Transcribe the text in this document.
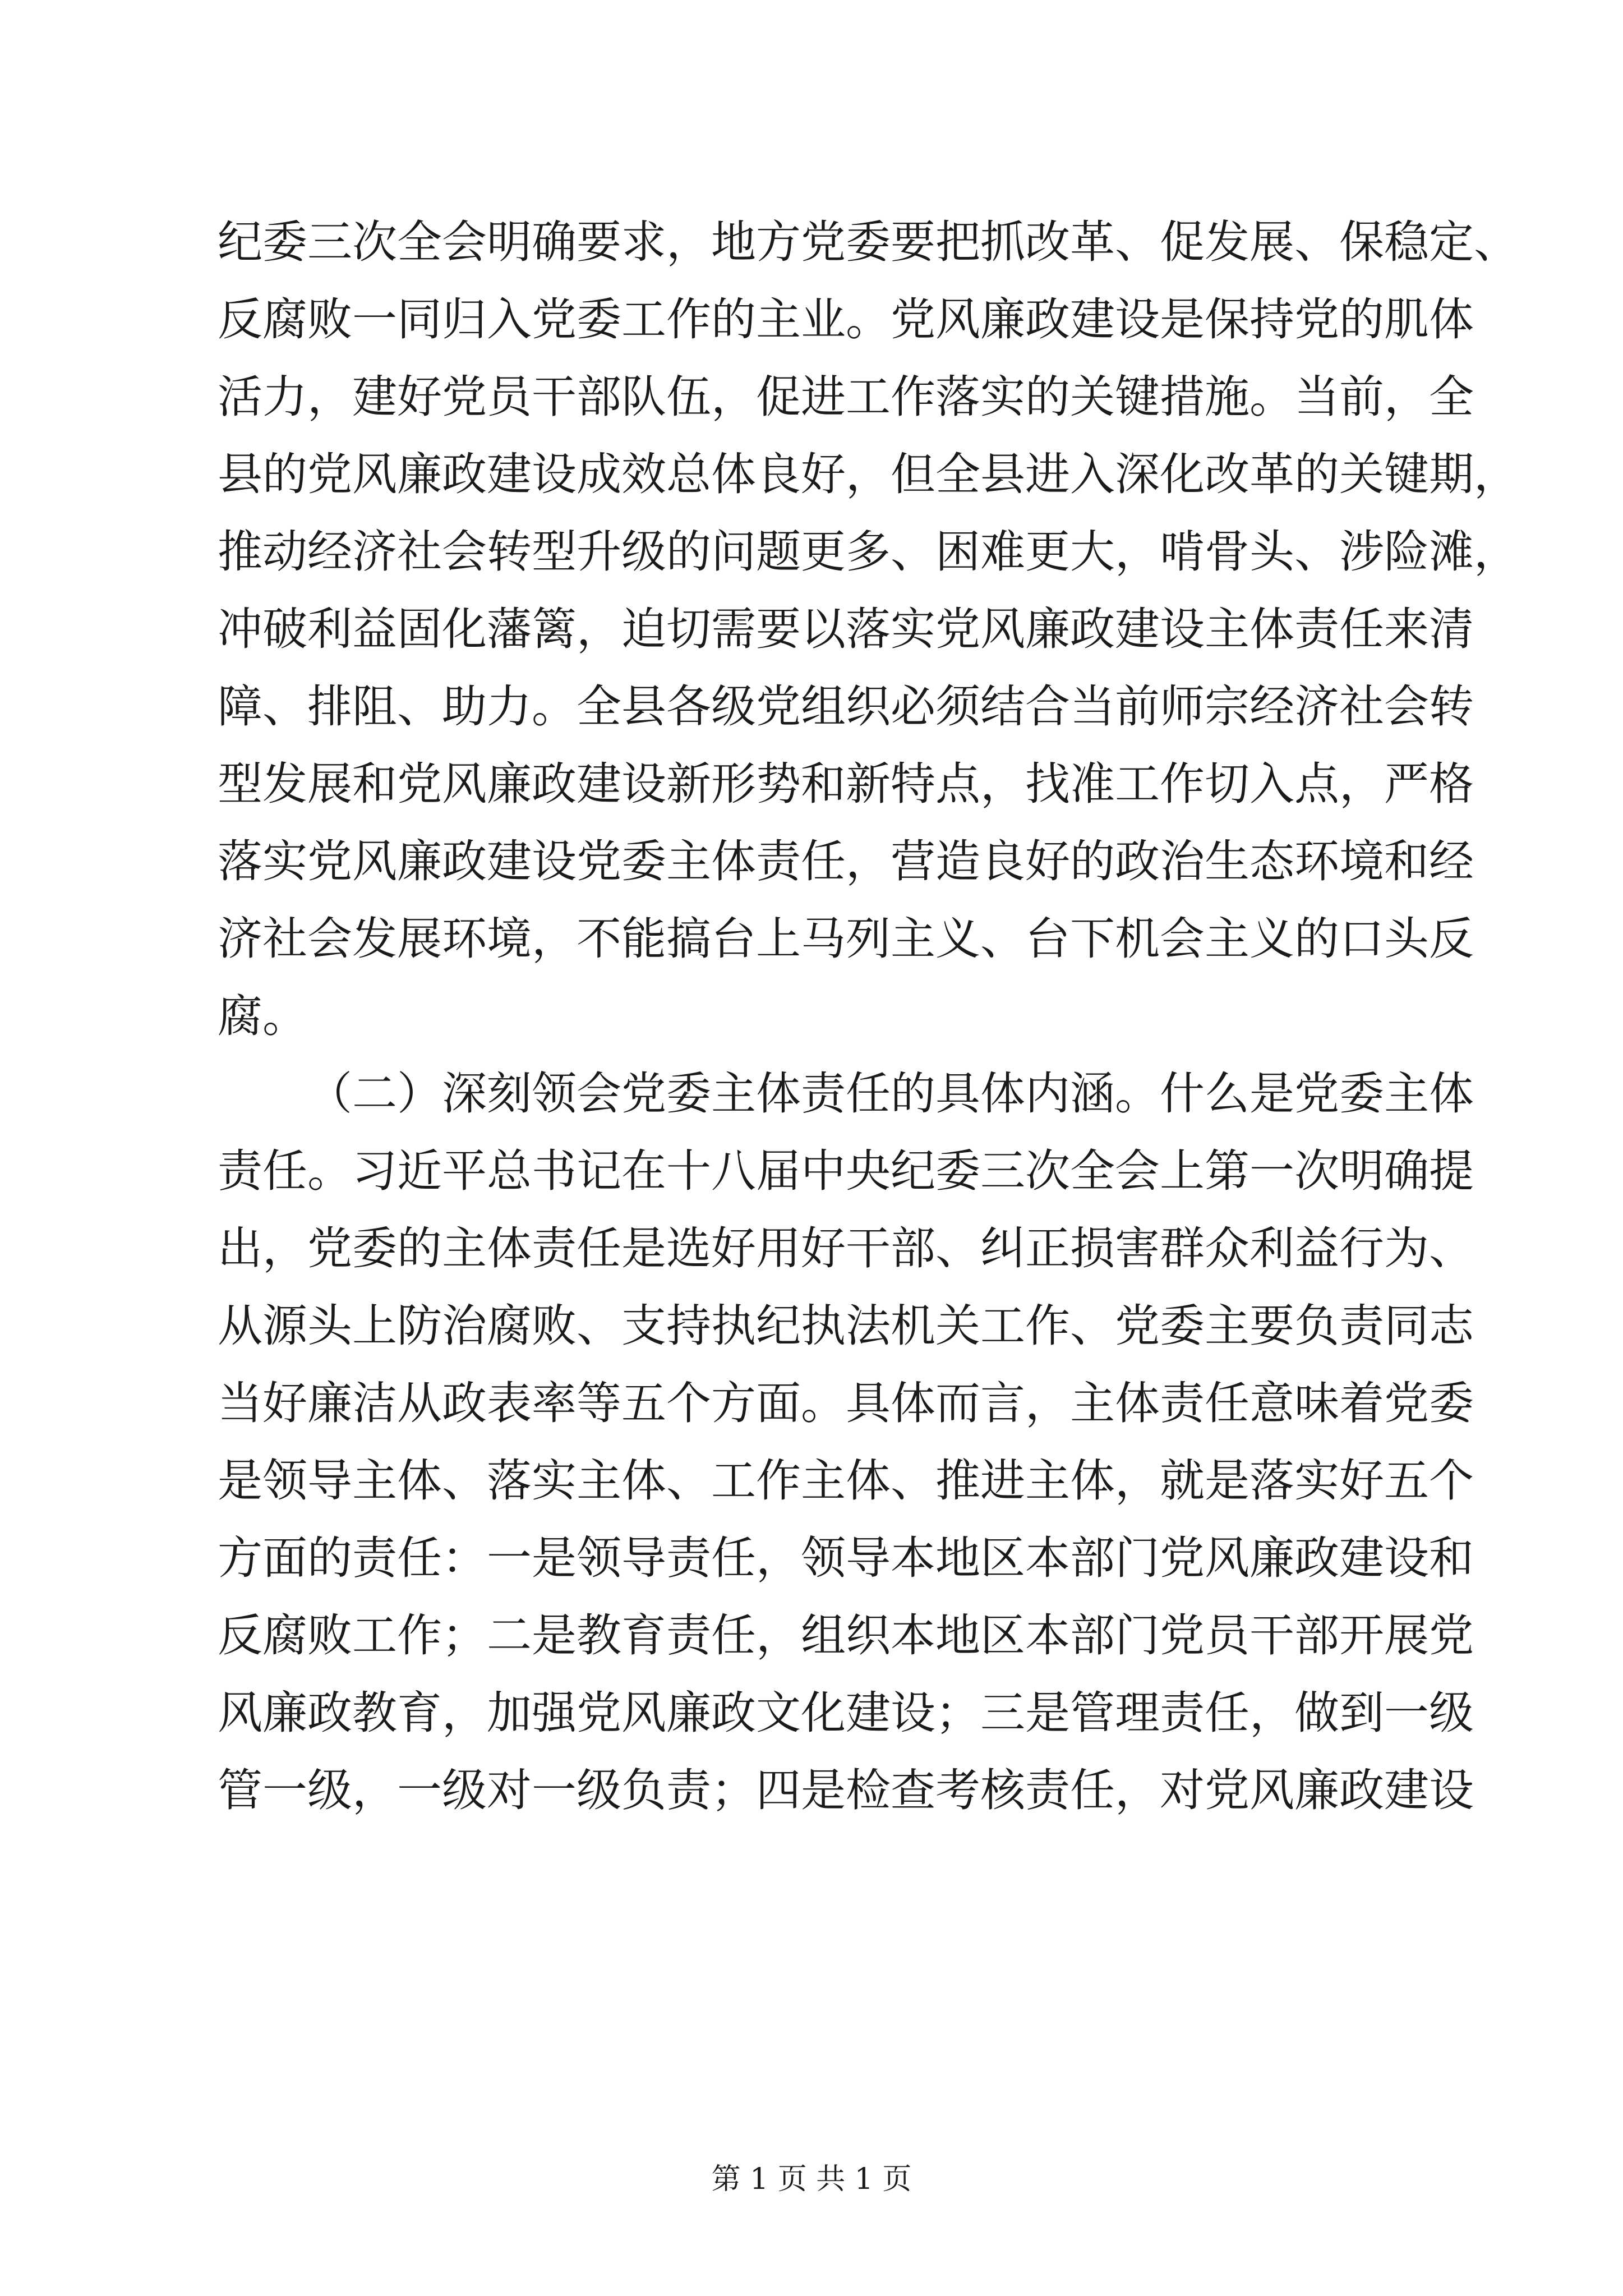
纪委三次全会明确要求，地方党委要把抓改革、促发展、保稳定、
反腐败一同归入党委工作的主业。党风廉政建设是保持党的肌体
活力，建好党员干部队伍，促进工作落实的关键措施。当前，全
县的党风廉政建设成效总体良好，但全县进入深化改革的关键期，
推动经济社会转型升级的问题更多、困难更大，啃骨头、涉险滩，
冲破利益固化藩篱，迫切需要以落实党风廉政建设主体责任来清
障、排阻、助力。全县各级党组织必须结合当前师宗经济社会转
型发展和党风廉政建设新形势和新特点，找准工作切入点，严格
落实党风廉政建设党委主体责任，营造良好的政治生态环境和经
济社会发展环境，不能搞台上马列主义、台下机会主义的口头反
腐。
（二）深刻领会党委主体责任的具体内涵。什么是党委主体
责任。习近平总书记在十八届中央纪委三次全会上第一次明确提
出，党委的主体责任是选好用好干部、纠正损害群众利益行为、
从源头上防治腐败、支持执纪执法机关工作、党委主要负责同志
当好廉洁从政表率等五个方面。具体而言，主体责任意味着党委
是领导主体、落实主体、工作主体、推进主体，就是落实好五个
方面的责任：一是领导责任，领导本地区本部门党风廉政建设和
反腐败工作；二是教育责任，组织本地区本部门党员干部开展党
风廉政教育，加强党风廉政文化建设；三是管理责任，做到一级
管一级，一级对一级负责；四是检查考核责任，对党风廉政建设
第 1 页 共 1 页
